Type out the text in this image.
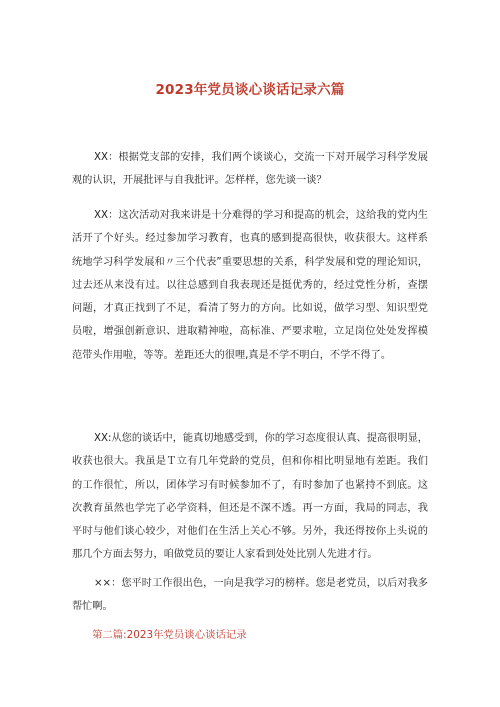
2023年党员谈心谈话记录六篇

XX：根据党支部的安排，我们两个谈谈心，交流一下对开展学习科学发展观的认识，开展批评与自我批评。怎样样，您先谈一谈？

XX：这次活动对我来讲是十分难得的学习和提高的机会，这给我的党内生活开了个好头。经过参加学习教育，也真的感到提高很快，收获很大。这样系统地学习科学发展和〃三个代表”重要思想的关系，科学发展和党的理论知识，过去还从来没有过。以往总感到自我表现还是挺优秀的，经过党性分析，查摆问题，才真正找到了不足，看清了努力的方向。比如说，做学习型、知识型党员啦，增强创新意识、进取精神啦，高标准、严要求啦，立足岗位处处发挥模范带头作用啦，等等。差距还大的很哩,真是不学不明白，不学不得了。

XX:从您的谈话中，能真切地感受到，你的学习态度很认真、提高很明显，收获也很大。我虽是Ｔ立有几年党龄的党员，但和你相比明显地有差距。我们的工作很忙，所以，团体学习有时候参加不了，有时参加了也紧持不到底。这次教育虽然也学完了必学资料，但还是不深不透。再一方面，我局的同志，我平时与他们谈心较少，对他们在生活上关心不够。另外，我还得按你上头说的那几个方面去努力，咱做党员的要让人家看到处处比别人先进才行。

××：您平时工作很出色，一向是我学习的榜样。您是老党员，以后对我多帮忙啊。

第二篇:2023年党员谈心谈话记录
